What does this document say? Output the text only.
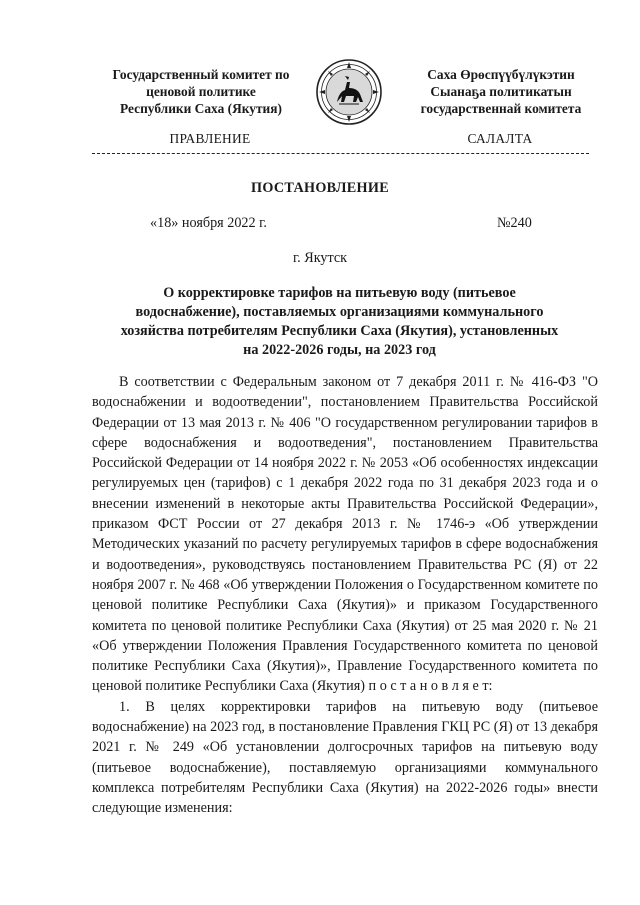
Государственный комитет по
ценовой политике
Республики Саха (Якутия)
Саха Өрөспүүбүлүкэтин
Сыанаҕа политикатын
государственнай комитета
ПРАВЛЕНИЕ	САЛАЛТА
ПОСТАНОВЛЕНИЕ
«18» ноября 2022 г.	№240
г. Якутск
О корректировке тарифов на питьевую воду (питьевое водоснабжение), поставляемых организациями коммунального хозяйства потребителям Республики Саха (Якутия), установленных на 2022-2026 годы, на 2023 год

В соответствии с Федеральным законом от 7 декабря 2011 г. № 416-ФЗ "О водоснабжении и водоотведении", постановлением Правительства Российской Федерации от 13 мая 2013 г. № 406 "О государственном регулировании тарифов в сфере водоснабжения и водоотведения", постановлением Правительства Российской Федерации от 14 ноября 2022 г. № 2053 «Об особенностях индексации регулируемых цен (тарифов) с 1 декабря 2022 года по 31 декабря 2023 года и о внесении изменений в некоторые акты Правительства Российской Федерации», приказом ФСТ России от 27 декабря 2013 г. № 1746-э «Об утверждении Методических указаний по расчету регулируемых тарифов в сфере водоснабжения и водоотведения», руководствуясь постановлением Правительства РС (Я) от 22 ноября 2007 г. № 468 «Об утверждении Положения о Государственном комитете по ценовой политике Республики Саха (Якутия)» и приказом Государственного комитета по ценовой политике Республики Саха (Якутия) от 25 мая 2020 г. № 21 «Об утверждении Положения Правления Государственного комитета по ценовой политике Республики Саха (Якутия)», Правление Государственного комитета по ценовой политике Республики Саха (Якутия) п о с т а н о в л я е т:

1. В целях корректировки тарифов на питьевую воду (питьевое водоснабжение) на 2023 год, в постановление Правления ГКЦ РС (Я) от 13 декабря 2021 г. № 249 «Об установлении долгосрочных тарифов на питьевую воду (питьевое водоснабжение), поставляемую организациями коммунального комплекса потребителям Республики Саха (Якутия) на 2022-2026 годы» внести следующие изменения:
